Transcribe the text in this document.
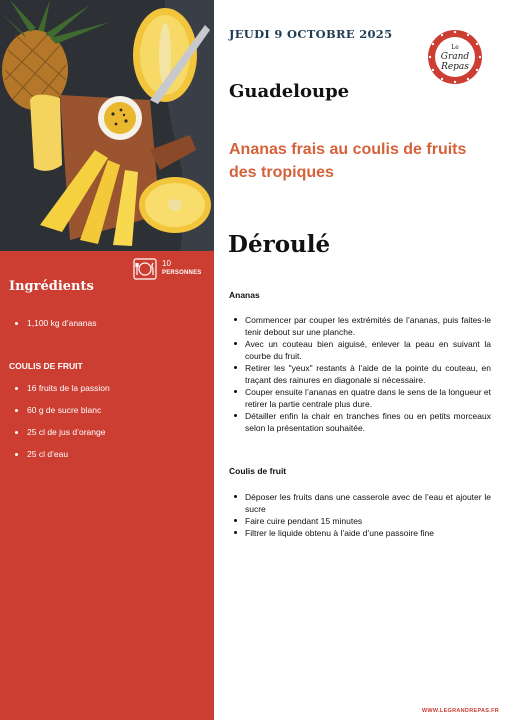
10
PERSONNES
Ingrédients
1,100 kg d’ananas
COULIS DE FRUIT
16 fruits de la passion
60 g de sucre blanc
25 cl de jus d’orange
25 cl d’eau
JEUDI 9 OCTOBRE 2025
Le
Grand
Repas
Guadeloupe
Ananas frais au coulis de fruits des tropiques
Déroulé
Ananas
Commencer par couper les extrémités de l’ananas, puis faites-le tenir debout sur une planche.
Avec un couteau bien aiguisé, enlever la peau en suivant la courbe du fruit.
Retirer les "yeux" restants à l’aide de la pointe du couteau, en traçant des rainures en diagonale si nécessaire.
Couper ensuite l’ananas en quatre dans le sens de la longueur et retirer la partie centrale plus dure.
Détailler enfin la chair en tranches fines ou en petits morceaux selon la présentation souhaitée.
Coulis de fruit
Déposer les fruits dans une casserole avec de l’eau et ajouter le sucre
Faire cuire pendant 15 minutes
Filtrer le liquide obtenu à l’aide d’une passoire fine
WWW.LEGRANDREPAS.FR
